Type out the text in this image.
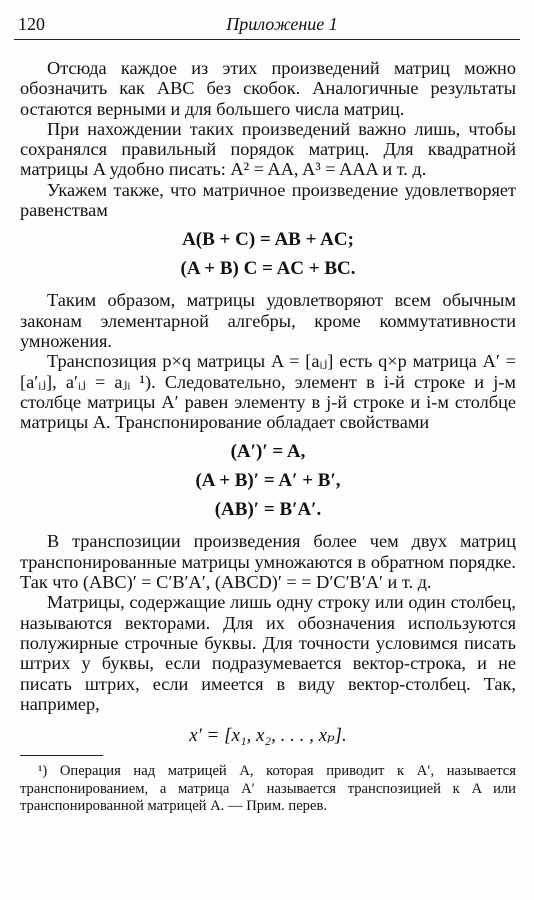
120	Приложение 1

Отсюда каждое из этих произведений матриц можно обозначить как ABC без скобок. Аналогичные результаты остаются верными и для большего числа матриц.

При нахождении таких произведений важно лишь, чтобы сохранялся правильный порядок матриц. Для квадратной матрицы A удобно писать: A² = AA, A³ = AAA и т. д.

Укажем также, что матричное произведение удовлетворяет равенствам

A(B + C) = AB + AC;
(A + B) C = AC + BC.

Таким образом, матрицы удовлетворяют всем обычным законам элементарной алгебры, кроме коммутативности умножения.

Транспозиция p×q матрицы A = [aᵢⱼ] есть q×p матрица A′ = [a′ᵢⱼ], a′ᵢⱼ = aⱼᵢ ¹). Следовательно, элемент в i-й строке и j-м столбце матрицы A′ равен элементу в j-й строке и i-м столбце матрицы A. Транспонирование обладает свойствами

(A′)′ = A,
(A + B)′ = A′ + B′,
(AB)′ = B′A′.

В транспозиции произведения более чем двух матриц транспонированные матрицы умножаются в обратном порядке. Так что (ABC)′ = C′B′A′, (ABCD)′ = = D′C′B′A′ и т. д.

Матрицы, содержащие лишь одну строку или один столбец, называются векторами. Для их обозначения используются полужирные строчные буквы. Для точности условимся писать штрих у буквы, если подразумевается вектор-строка, и не писать штрих, если имеется в виду вектор-столбец. Так, например,

x′ = [x₁, x₂, . . . , xₚ].

¹) Операция над матрицей A, которая приводит к A′, называется транспонированием, а матрица A′ называется транспозицией к A или транспонированной матрицей A. — Прим. перев.
